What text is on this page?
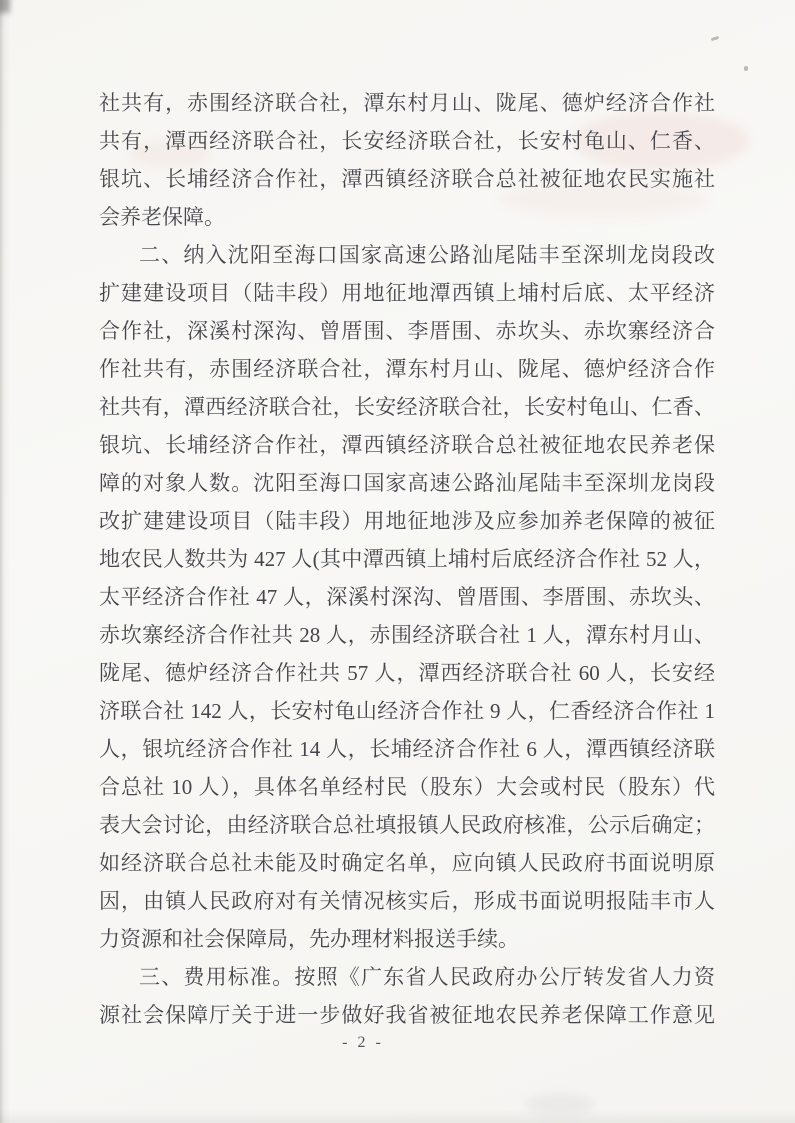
社共有，赤围经济联合社，潭东村月山、陇尾、德炉经济合作社
共有，潭西经济联合社，长安经济联合社，长安村龟山、仁香、
银坑、长埔经济合作社，潭西镇经济联合总社被征地农民实施社
会养老保障。
二、纳入沈阳至海口国家高速公路汕尾陆丰至深圳龙岗段改
扩建建设项目（陆丰段）用地征地潭西镇上埔村后底、太平经济
合作社，深溪村深沟、曾厝围、李厝围、赤坎头、赤坎寨经济合
作社共有，赤围经济联合社，潭东村月山、陇尾、德炉经济合作
社共有，潭西经济联合社，长安经济联合社，长安村龟山、仁香、
银坑、长埔经济合作社，潭西镇经济联合总社被征地农民养老保
障的对象人数。沈阳至海口国家高速公路汕尾陆丰至深圳龙岗段
改扩建建设项目（陆丰段）用地征地涉及应参加养老保障的被征
地农民人数共为 427 人(其中潭西镇上埔村后底经济合作社 52 人，
太平经济合作社 47 人，深溪村深沟、曾厝围、李厝围、赤坎头、
赤坎寨经济合作社共 28 人，赤围经济联合社 1 人，潭东村月山、
陇尾、德炉经济合作社共 57 人，潭西经济联合社 60 人，长安经
济联合社 142 人，长安村龟山经济合作社 9 人，仁香经济合作社 1
人，银坑经济合作社 14 人，长埔经济合作社 6 人，潭西镇经济联
合总社 10 人），具体名单经村民（股东）大会或村民（股东）代
表大会讨论，由经济联合总社填报镇人民政府核准，公示后确定；
如经济联合总社未能及时确定名单，应向镇人民政府书面说明原
因，由镇人民政府对有关情况核实后，形成书面说明报陆丰市人
力资源和社会保障局，先办理材料报送手续。
三、费用标准。按照《广东省人民政府办公厅转发省人力资
源社会保障厅关于进一步做好我省被征地农民养老保障工作意见
- 2 -
